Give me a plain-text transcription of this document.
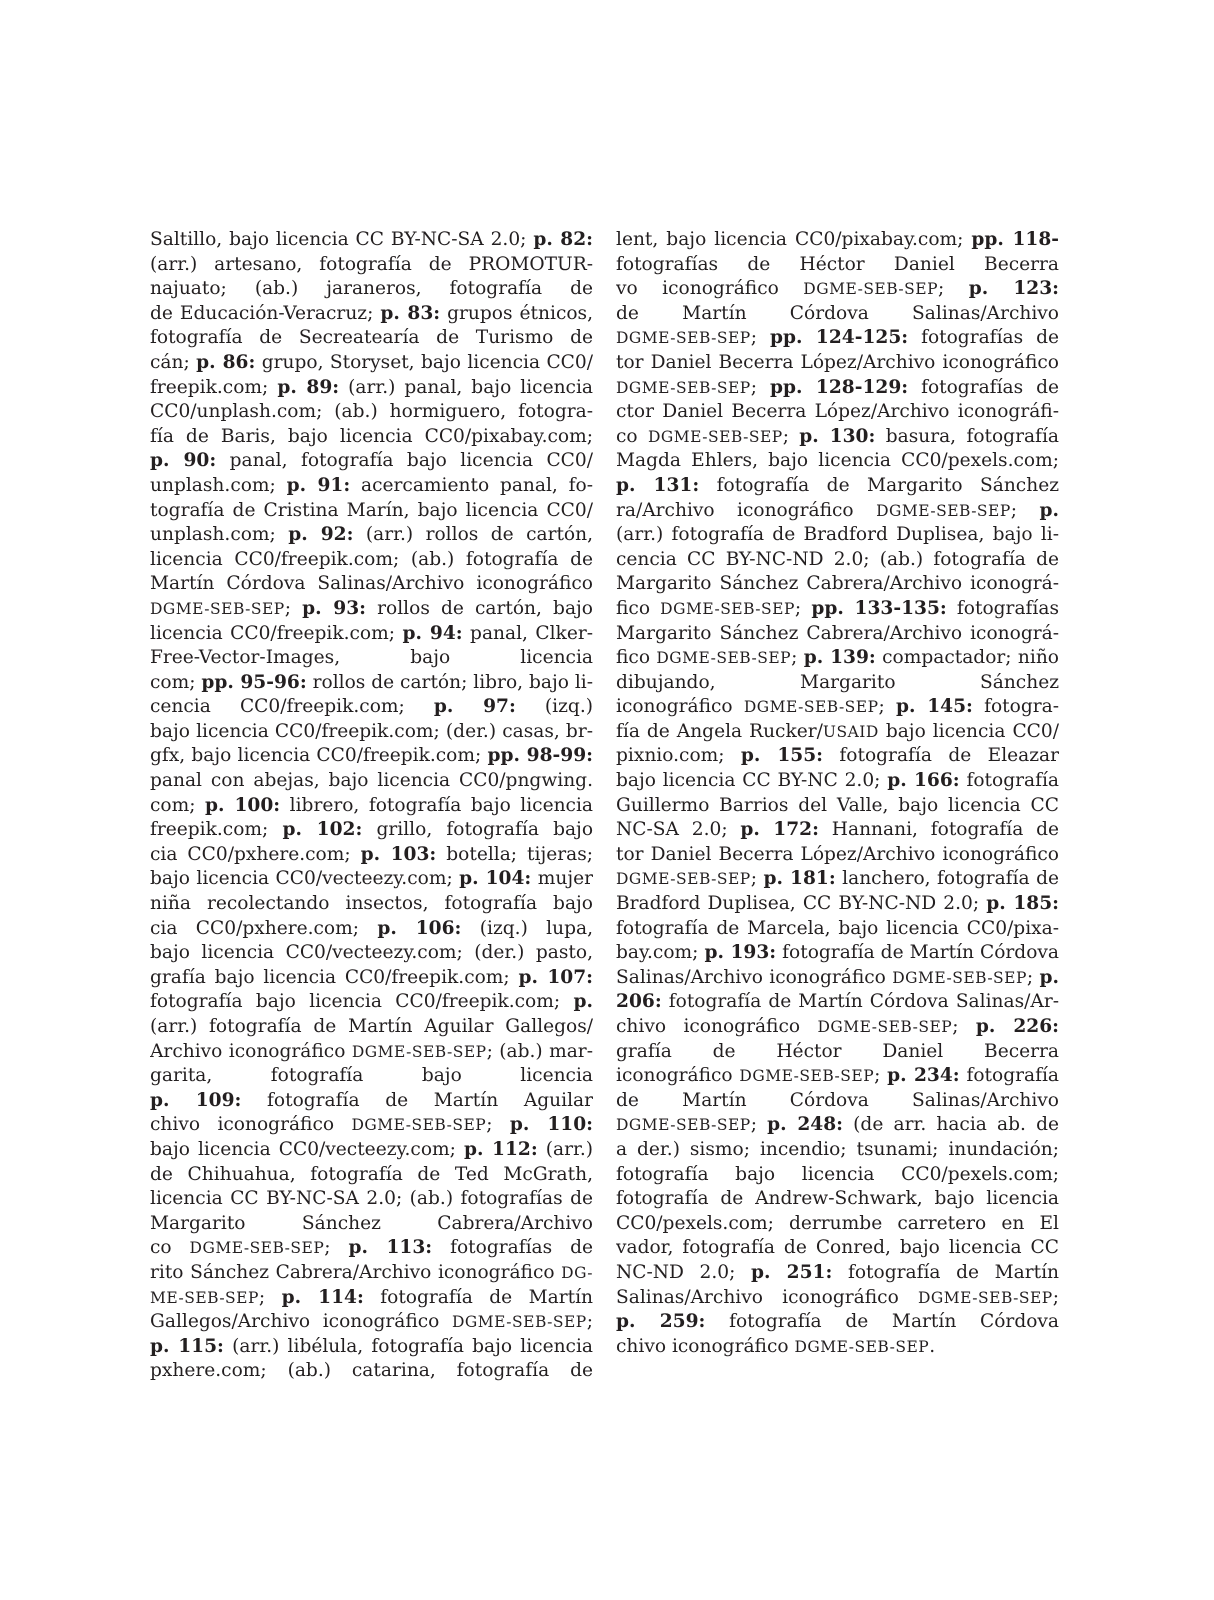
Saltillo, bajo licencia CC BY-NC-SA 2.0; p. 82:
(arr.) artesano, fotografía de PROMOTUR-
najuato; (ab.) jaraneros, fotografía de
de Educación-Veracruz; p. 83: grupos étnicos,
fotografía de Secreatearía de Turismo de
cán; p. 86: grupo, Storyset, bajo licencia CC0/
freepik.com; p. 89: (arr.) panal, bajo licencia
CC0/unplash.com; (ab.) hormiguero, fotogra-
fía de Baris, bajo licencia CC0/pixabay.com;
p. 90: panal, fotografía bajo licencia CC0/
unplash.com; p. 91: acercamiento panal, fo-
tografía de Cristina Marín, bajo licencia CC0/
unplash.com; p. 92: (arr.) rollos de cartón,
licencia CC0/freepik.com; (ab.) fotografía de
Martín Córdova Salinas/Archivo iconográfico
DGME-SEB-SEP; p. 93: rollos de cartón, bajo
licencia CC0/freepik.com; p. 94: panal, Clker-
Free-Vector-Images, bajo licencia
com; pp. 95-96: rollos de cartón; libro, bajo li-
cencia CC0/freepik.com; p. 97: (izq.)
bajo licencia CC0/freepik.com; (der.) casas, br-
gfx, bajo licencia CC0/freepik.com; pp. 98-99:
panal con abejas, bajo licencia CC0/pngwing.
com; p. 100: librero, fotografía bajo licencia
freepik.com; p. 102: grillo, fotografía bajo
cia CC0/pxhere.com; p. 103: botella; tijeras;
bajo licencia CC0/vecteezy.com; p. 104: mujer
niña recolectando insectos, fotografía bajo
cia CC0/pxhere.com; p. 106: (izq.) lupa,
bajo licencia CC0/vecteezy.com; (der.) pasto,
grafía bajo licencia CC0/freepik.com; p. 107:
fotografía bajo licencia CC0/freepik.com; p.
(arr.) fotografía de Martín Aguilar Gallegos/
Archivo iconográfico DGME-SEB-SEP; (ab.) mar-
garita, fotografía bajo licencia
p. 109: fotografía de Martín Aguilar
chivo iconográfico DGME-SEB-SEP; p. 110:
bajo licencia CC0/vecteezy.com; p. 112: (arr.)
de Chihuahua, fotografía de Ted McGrath,
licencia CC BY-NC-SA 2.0; (ab.) fotografías de
Margarito Sánchez Cabrera/Archivo
co DGME-SEB-SEP; p. 113: fotografías de
rito Sánchez Cabrera/Archivo iconográfico DG-
ME-SEB-SEP; p. 114: fotografía de Martín
Gallegos/Archivo iconográfico DGME-SEB-SEP;
p. 115: (arr.) libélula, fotografía bajo licencia
pxhere.com; (ab.) catarina, fotografía de
lent, bajo licencia CC0/pixabay.com; pp. 118-
fotografías de Héctor Daniel Becerra
vo iconográfico DGME-SEB-SEP; p. 123:
de Martín Córdova Salinas/Archivo
DGME-SEB-SEP; pp. 124-125: fotografías de
tor Daniel Becerra López/Archivo iconográfico
DGME-SEB-SEP; pp. 128-129: fotografías de
ctor Daniel Becerra López/Archivo iconográfi-
co DGME-SEB-SEP; p. 130: basura, fotografía
Magda Ehlers, bajo licencia CC0/pexels.com;
p. 131: fotografía de Margarito Sánchez
ra/Archivo iconográfico DGME-SEB-SEP; p.
(arr.) fotografía de Bradford Duplisea, bajo li-
cencia CC BY-NC-ND 2.0; (ab.) fotografía de
Margarito Sánchez Cabrera/Archivo iconográ-
fico DGME-SEB-SEP; pp. 133-135: fotografías
Margarito Sánchez Cabrera/Archivo iconográ-
fico DGME-SEB-SEP; p. 139: compactador; niño
dibujando, Margarito Sánchez
iconográfico DGME-SEB-SEP; p. 145: fotogra-
fía de Angela Rucker/USAID bajo licencia CC0/
pixnio.com; p. 155: fotografía de Eleazar
bajo licencia CC BY-NC 2.0; p. 166: fotografía
Guillermo Barrios del Valle, bajo licencia CC
NC-SA 2.0; p. 172: Hannani, fotografía de
tor Daniel Becerra López/Archivo iconográfico
DGME-SEB-SEP; p. 181: lanchero, fotografía de
Bradford Duplisea, CC BY-NC-ND 2.0; p. 185:
fotografía de Marcela, bajo licencia CC0/pixa-
bay.com; p. 193: fotografía de Martín Córdova
Salinas/Archivo iconográfico DGME-SEB-SEP; p.
206: fotografía de Martín Córdova Salinas/Ar-
chivo iconográfico DGME-SEB-SEP; p. 226:
grafía de Héctor Daniel Becerra
iconográfico DGME-SEB-SEP; p. 234: fotografía
de Martín Córdova Salinas/Archivo
DGME-SEB-SEP; p. 248: (de arr. hacia ab. de
a der.) sismo; incendio; tsunami; inundación;
fotografía bajo licencia CC0/pexels.com;
fotografía de Andrew-Schwark, bajo licencia
CC0/pexels.com; derrumbe carretero en El
vador, fotografía de Conred, bajo licencia CC
NC-ND 2.0; p. 251: fotografía de Martín
Salinas/Archivo iconográfico DGME-SEB-SEP;
p. 259: fotografía de Martín Córdova
chivo iconográfico DGME-SEB-SEP.
